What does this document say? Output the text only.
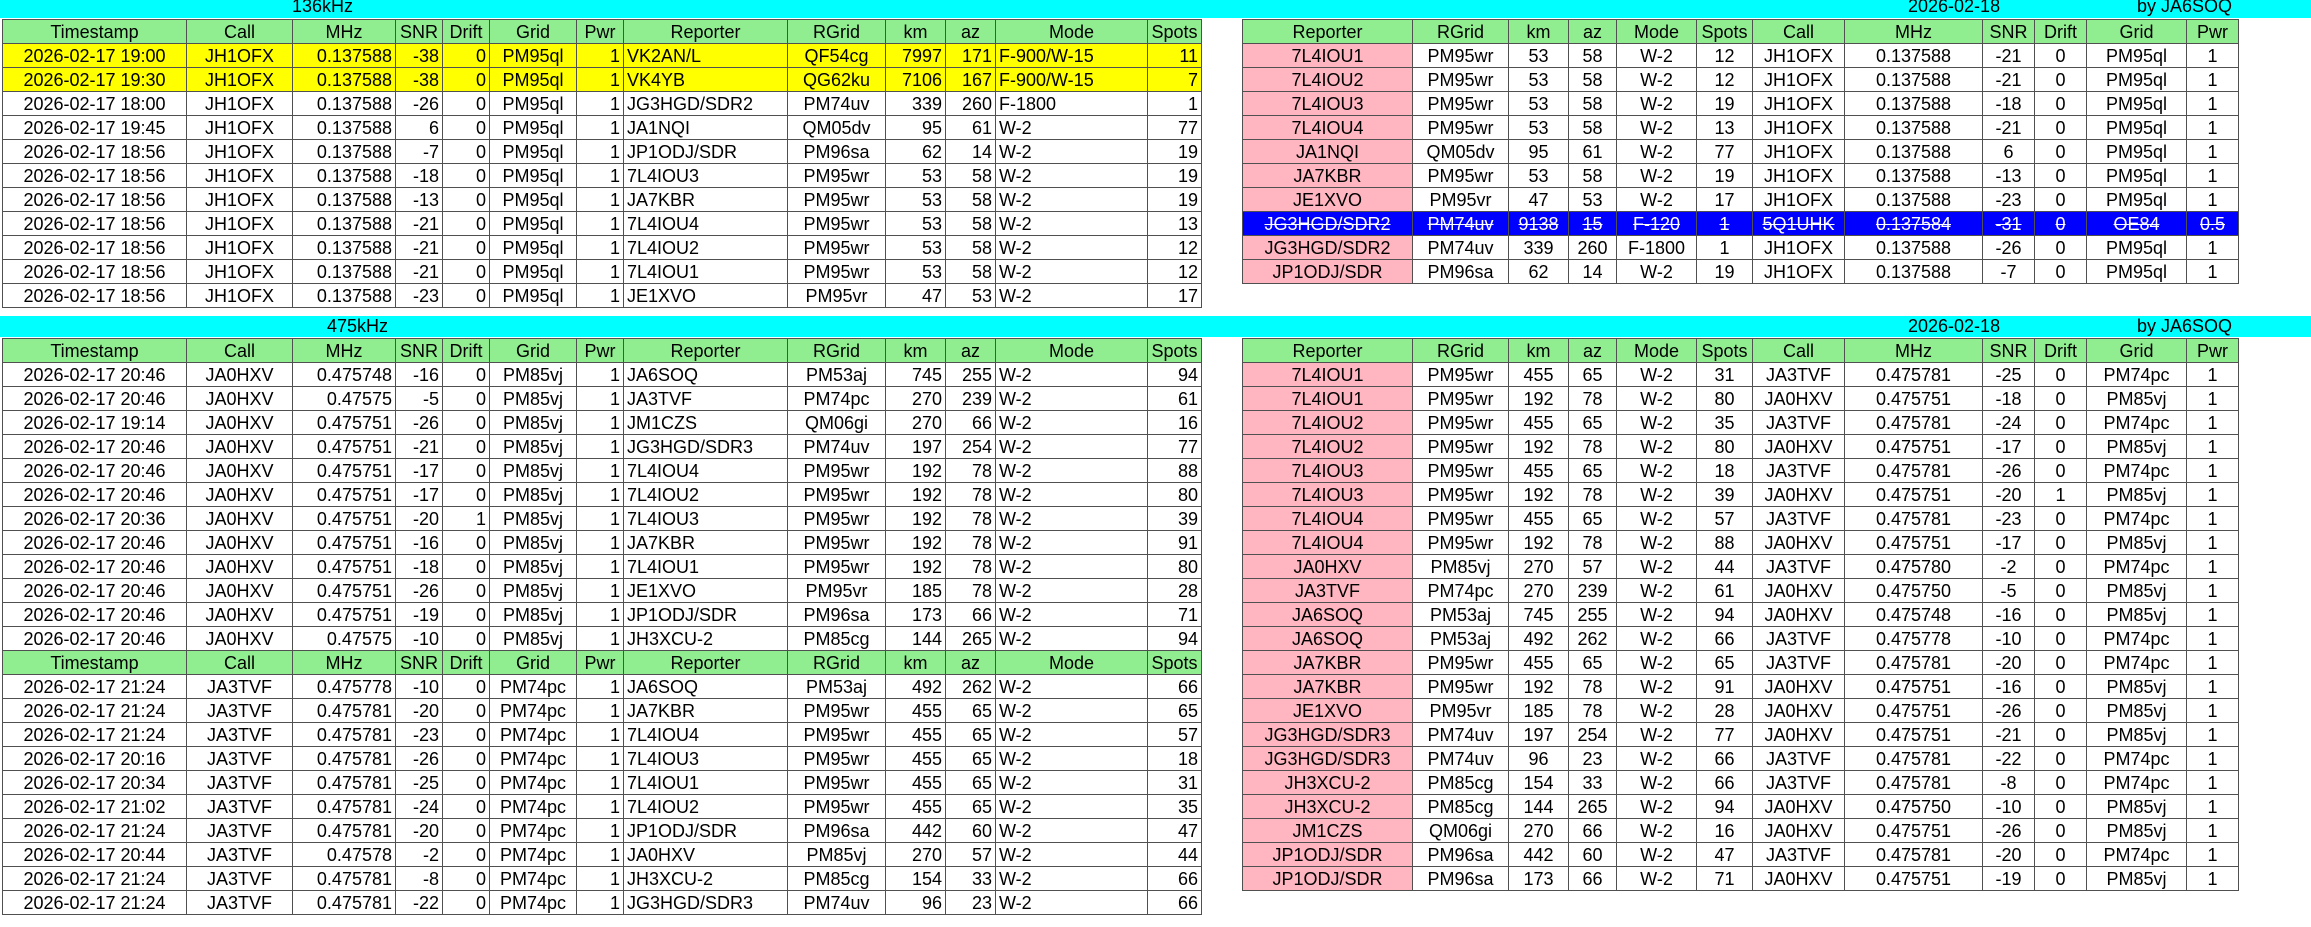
136kHz	2026-02-18	by JA6SOQ
475kHz	2026-02-18	by JA6SOQ
Timestamp	Call	MHz	SNR	Drift	Grid	Pwr	Reporter	RGrid	km	az	Mode	Spots
2026-02-17 19:00	JH1OFX	0.137588	-38	0	PM95ql	1	VK2AN/L	QF54cg	7997	171	F-900/W-15	11
2026-02-17 19:30	JH1OFX	0.137588	-38	0	PM95ql	1	VK4YB	QG62ku	7106	167	F-900/W-15	7
2026-02-17 18:00	JH1OFX	0.137588	-26	0	PM95ql	1	JG3HGD/SDR2	PM74uv	339	260	F-1800	1
2026-02-17 19:45	JH1OFX	0.137588	6	0	PM95ql	1	JA1NQI	QM05dv	95	61	W-2	77
2026-02-17 18:56	JH1OFX	0.137588	-7	0	PM95ql	1	JP1ODJ/SDR	PM96sa	62	14	W-2	19
2026-02-17 18:56	JH1OFX	0.137588	-18	0	PM95ql	1	7L4IOU3	PM95wr	53	58	W-2	19
2026-02-17 18:56	JH1OFX	0.137588	-13	0	PM95ql	1	JA7KBR	PM95wr	53	58	W-2	19
2026-02-17 18:56	JH1OFX	0.137588	-21	0	PM95ql	1	7L4IOU4	PM95wr	53	58	W-2	13
2026-02-17 18:56	JH1OFX	0.137588	-21	0	PM95ql	1	7L4IOU2	PM95wr	53	58	W-2	12
2026-02-17 18:56	JH1OFX	0.137588	-21	0	PM95ql	1	7L4IOU1	PM95wr	53	58	W-2	12
2026-02-17 18:56	JH1OFX	0.137588	-23	0	PM95ql	1	JE1XVO	PM95vr	47	53	W-2	17
Reporter	RGrid	km	az	Mode	Spots	Call	MHz	SNR	Drift	Grid	Pwr
7L4IOU1	PM95wr	53	58	W-2	12	JH1OFX	0.137588	-21	0	PM95ql	1
7L4IOU2	PM95wr	53	58	W-2	12	JH1OFX	0.137588	-21	0	PM95ql	1
7L4IOU3	PM95wr	53	58	W-2	19	JH1OFX	0.137588	-18	0	PM95ql	1
7L4IOU4	PM95wr	53	58	W-2	13	JH1OFX	0.137588	-21	0	PM95ql	1
JA1NQI	QM05dv	95	61	W-2	77	JH1OFX	0.137588	6	0	PM95ql	1
JA7KBR	PM95wr	53	58	W-2	19	JH1OFX	0.137588	-13	0	PM95ql	1
JE1XVO	PM95vr	47	53	W-2	17	JH1OFX	0.137588	-23	0	PM95ql	1
JG3HGD/SDR2	PM74uv	9138	15	F-120	1	5Q1UHK	0.137584	-31	0	OE84	0.5
JG3HGD/SDR2	PM74uv	339	260	F-1800	1	JH1OFX	0.137588	-26	0	PM95ql	1
JP1ODJ/SDR	PM96sa	62	14	W-2	19	JH1OFX	0.137588	-7	0	PM95ql	1
Timestamp	Call	MHz	SNR	Drift	Grid	Pwr	Reporter	RGrid	km	az	Mode	Spots
2026-02-17 20:46	JA0HXV	0.475748	-16	0	PM85vj	1	JA6SOQ	PM53aj	745	255	W-2	94
2026-02-17 20:46	JA0HXV	0.47575	-5	0	PM85vj	1	JA3TVF	PM74pc	270	239	W-2	61
2026-02-17 19:14	JA0HXV	0.475751	-26	0	PM85vj	1	JM1CZS	QM06gi	270	66	W-2	16
2026-02-17 20:46	JA0HXV	0.475751	-21	0	PM85vj	1	JG3HGD/SDR3	PM74uv	197	254	W-2	77
2026-02-17 20:46	JA0HXV	0.475751	-17	0	PM85vj	1	7L4IOU4	PM95wr	192	78	W-2	88
2026-02-17 20:46	JA0HXV	0.475751	-17	0	PM85vj	1	7L4IOU2	PM95wr	192	78	W-2	80
2026-02-17 20:36	JA0HXV	0.475751	-20	1	PM85vj	1	7L4IOU3	PM95wr	192	78	W-2	39
2026-02-17 20:46	JA0HXV	0.475751	-16	0	PM85vj	1	JA7KBR	PM95wr	192	78	W-2	91
2026-02-17 20:46	JA0HXV	0.475751	-18	0	PM85vj	1	7L4IOU1	PM95wr	192	78	W-2	80
2026-02-17 20:46	JA0HXV	0.475751	-26	0	PM85vj	1	JE1XVO	PM95vr	185	78	W-2	28
2026-02-17 20:46	JA0HXV	0.475751	-19	0	PM85vj	1	JP1ODJ/SDR	PM96sa	173	66	W-2	71
2026-02-17 20:46	JA0HXV	0.47575	-10	0	PM85vj	1	JH3XCU-2	PM85cg	144	265	W-2	94
Timestamp	Call	MHz	SNR	Drift	Grid	Pwr	Reporter	RGrid	km	az	Mode	Spots
2026-02-17 21:24	JA3TVF	0.475778	-10	0	PM74pc	1	JA6SOQ	PM53aj	492	262	W-2	66
2026-02-17 21:24	JA3TVF	0.475781	-20	0	PM74pc	1	JA7KBR	PM95wr	455	65	W-2	65
2026-02-17 21:24	JA3TVF	0.475781	-23	0	PM74pc	1	7L4IOU4	PM95wr	455	65	W-2	57
2026-02-17 20:16	JA3TVF	0.475781	-26	0	PM74pc	1	7L4IOU3	PM95wr	455	65	W-2	18
2026-02-17 20:34	JA3TVF	0.475781	-25	0	PM74pc	1	7L4IOU1	PM95wr	455	65	W-2	31
2026-02-17 21:02	JA3TVF	0.475781	-24	0	PM74pc	1	7L4IOU2	PM95wr	455	65	W-2	35
2026-02-17 21:24	JA3TVF	0.475781	-20	0	PM74pc	1	JP1ODJ/SDR	PM96sa	442	60	W-2	47
2026-02-17 20:44	JA3TVF	0.47578	-2	0	PM74pc	1	JA0HXV	PM85vj	270	57	W-2	44
2026-02-17 21:24	JA3TVF	0.475781	-8	0	PM74pc	1	JH3XCU-2	PM85cg	154	33	W-2	66
2026-02-17 21:24	JA3TVF	0.475781	-22	0	PM74pc	1	JG3HGD/SDR3	PM74uv	96	23	W-2	66
Reporter	RGrid	km	az	Mode	Spots	Call	MHz	SNR	Drift	Grid	Pwr
7L4IOU1	PM95wr	455	65	W-2	31	JA3TVF	0.475781	-25	0	PM74pc	1
7L4IOU1	PM95wr	192	78	W-2	80	JA0HXV	0.475751	-18	0	PM85vj	1
7L4IOU2	PM95wr	455	65	W-2	35	JA3TVF	0.475781	-24	0	PM74pc	1
7L4IOU2	PM95wr	192	78	W-2	80	JA0HXV	0.475751	-17	0	PM85vj	1
7L4IOU3	PM95wr	455	65	W-2	18	JA3TVF	0.475781	-26	0	PM74pc	1
7L4IOU3	PM95wr	192	78	W-2	39	JA0HXV	0.475751	-20	1	PM85vj	1
7L4IOU4	PM95wr	455	65	W-2	57	JA3TVF	0.475781	-23	0	PM74pc	1
7L4IOU4	PM95wr	192	78	W-2	88	JA0HXV	0.475751	-17	0	PM85vj	1
JA0HXV	PM85vj	270	57	W-2	44	JA3TVF	0.475780	-2	0	PM74pc	1
JA3TVF	PM74pc	270	239	W-2	61	JA0HXV	0.475750	-5	0	PM85vj	1
JA6SOQ	PM53aj	745	255	W-2	94	JA0HXV	0.475748	-16	0	PM85vj	1
JA6SOQ	PM53aj	492	262	W-2	66	JA3TVF	0.475778	-10	0	PM74pc	1
JA7KBR	PM95wr	455	65	W-2	65	JA3TVF	0.475781	-20	0	PM74pc	1
JA7KBR	PM95wr	192	78	W-2	91	JA0HXV	0.475751	-16	0	PM85vj	1
JE1XVO	PM95vr	185	78	W-2	28	JA0HXV	0.475751	-26	0	PM85vj	1
JG3HGD/SDR3	PM74uv	197	254	W-2	77	JA0HXV	0.475751	-21	0	PM85vj	1
JG3HGD/SDR3	PM74uv	96	23	W-2	66	JA3TVF	0.475781	-22	0	PM74pc	1
JH3XCU-2	PM85cg	154	33	W-2	66	JA3TVF	0.475781	-8	0	PM74pc	1
JH3XCU-2	PM85cg	144	265	W-2	94	JA0HXV	0.475750	-10	0	PM85vj	1
JM1CZS	QM06gi	270	66	W-2	16	JA0HXV	0.475751	-26	0	PM85vj	1
JP1ODJ/SDR	PM96sa	442	60	W-2	47	JA3TVF	0.475781	-20	0	PM74pc	1
JP1ODJ/SDR	PM96sa	173	66	W-2	71	JA0HXV	0.475751	-19	0	PM85vj	1
